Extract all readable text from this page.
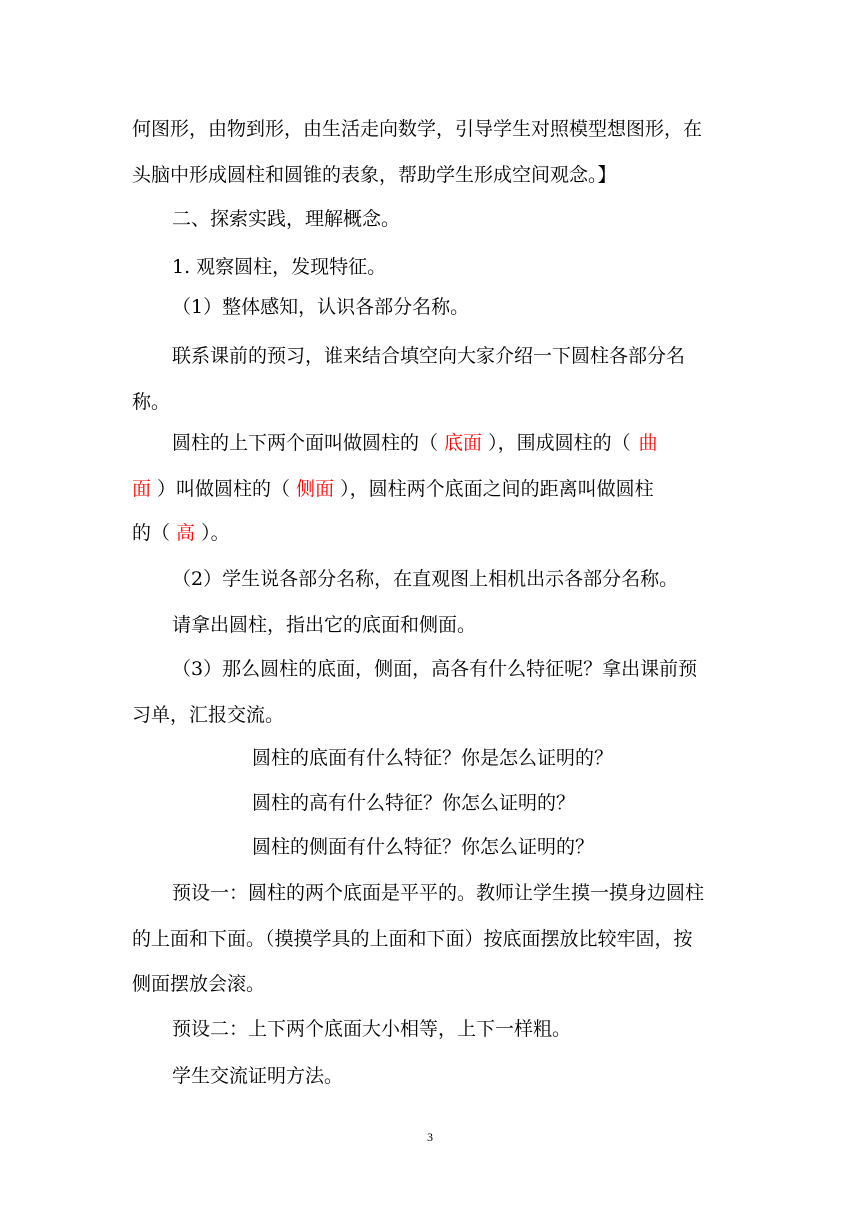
何图形，由物到形，由生活走向数学，引导学生对照模型想图形，在
头脑中形成圆柱和圆锥的表象，帮助学生形成空间观念。】
二、探索实践，理解概念。
1. 观察圆柱，发现特征。
（1）整体感知，认识各部分名称。
联系课前的预习，谁来结合填空向大家介绍一下圆柱各部分名
称。
圆柱的上下两个面叫做圆柱的（ 底面 ），围成圆柱的（ 曲
面 ）叫做圆柱的（ 侧面 ），圆柱两个底面之间的距离叫做圆柱
的（ 高 ）。
（2）学生说各部分名称，在直观图上相机出示各部分名称。
请拿出圆柱，指出它的底面和侧面。
（3）那么圆柱的底面，侧面，高各有什么特征呢？拿出课前预
习单，汇报交流。
圆柱的底面有什么特征？你是怎么证明的？
圆柱的高有什么特征？你怎么证明的？
圆柱的侧面有什么特征？你怎么证明的？
预设一：圆柱的两个底面是平平的。教师让学生摸一摸身边圆柱
的上面和下面。（摸摸学具的上面和下面）按底面摆放比较牢固，按
侧面摆放会滚。
预设二：上下两个底面大小相等，上下一样粗。
学生交流证明方法。
3
